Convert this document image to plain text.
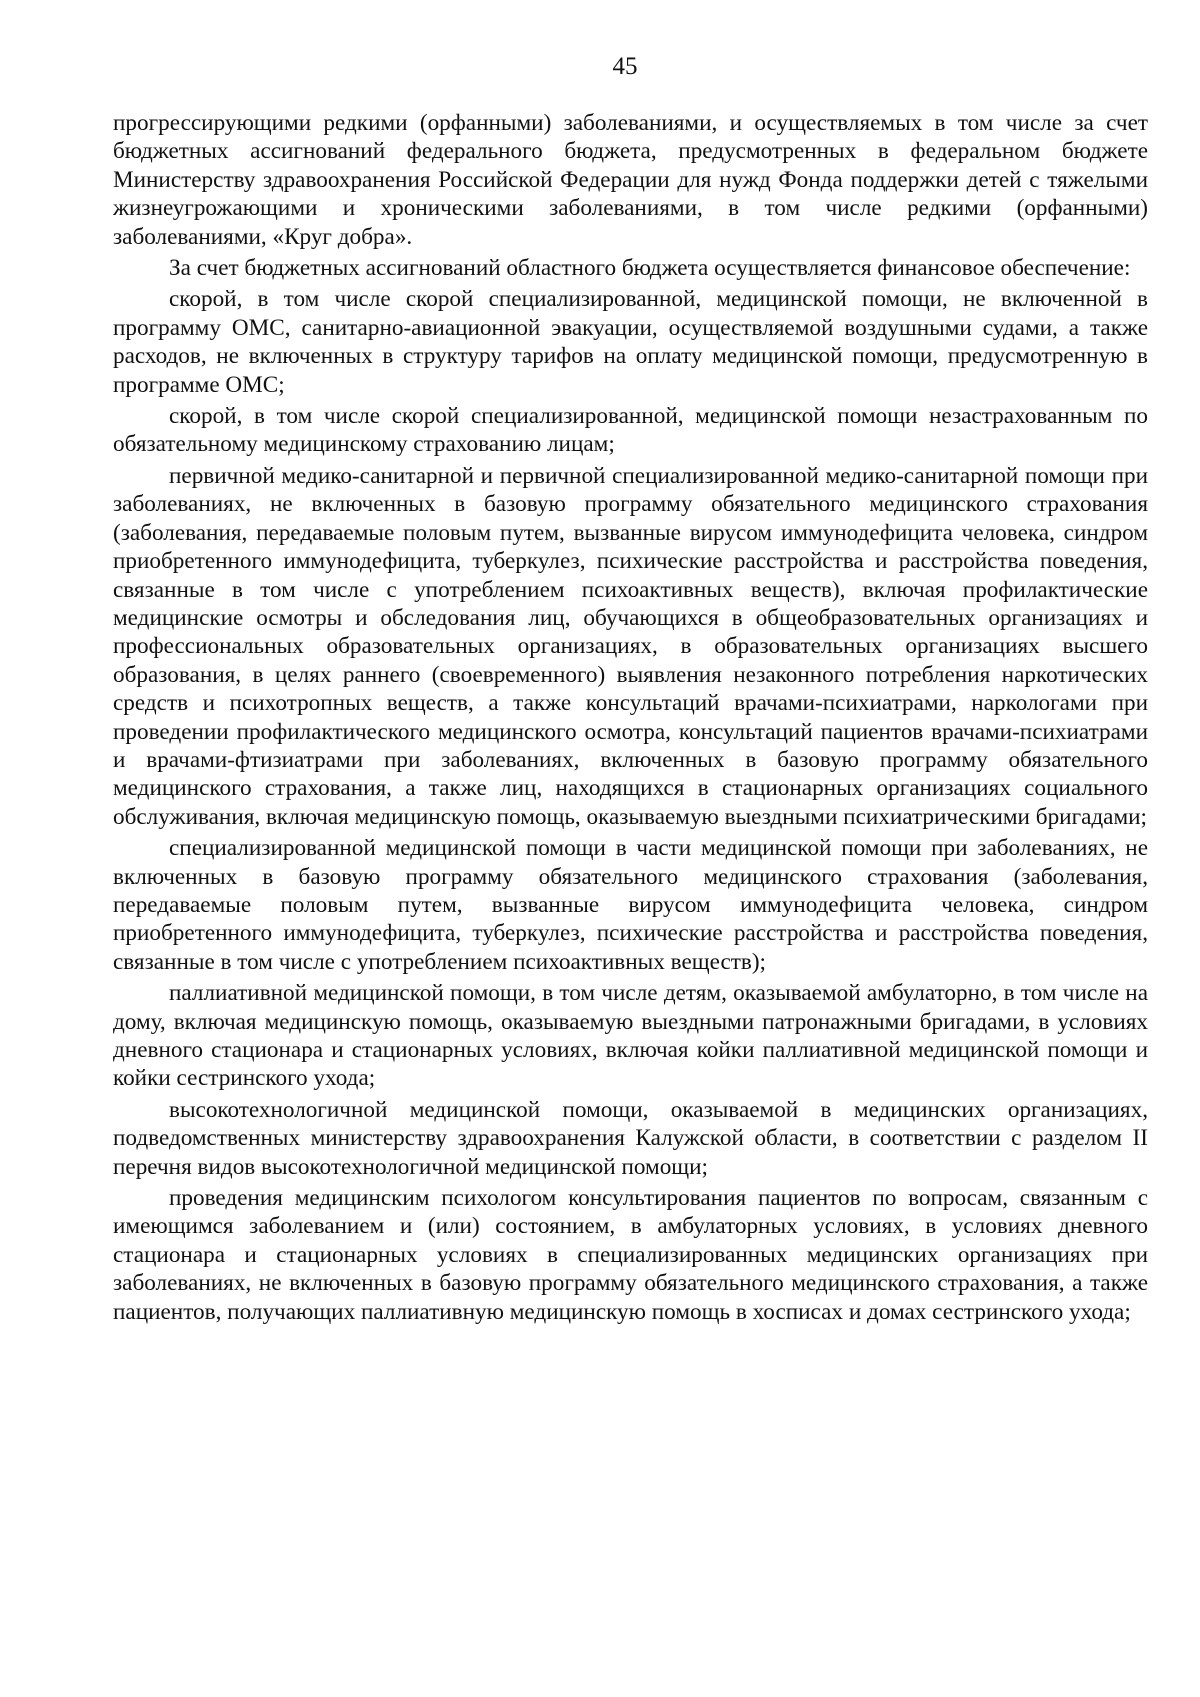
45

прогрессирующими редкими (орфанными) заболеваниями, и осуществляемых в том числе за счет бюджетных ассигнований федерального бюджета, предусмотренных в федеральном бюджете Министерству здравоохранения Российской Федерации для нужд Фонда поддержки детей с тяжелыми жизнеугрожающими и хроническими заболеваниями, в том числе редкими (орфанными) заболеваниями, «Круг добра».

За счет бюджетных ассигнований областного бюджета осуществляется финансовое обеспечение:

скорой, в том числе скорой специализированной, медицинской помощи, не включенной в программу ОМС, санитарно-авиационной эвакуации, осуществляемой воздушными судами, а также расходов, не включенных в структуру тарифов на оплату медицинской помощи, предусмотренную в программе ОМС;

скорой, в том числе скорой специализированной, медицинской помощи незастрахованным по обязательному медицинскому страхованию лицам;

первичной медико-санитарной и первичной специализированной медико-санитарной помощи при заболеваниях, не включенных в базовую программу обязательного медицинского страхования (заболевания, передаваемые половым путем, вызванные вирусом иммунодефицита человека, синдром приобретенного иммунодефицита, туберкулез, психические расстройства и расстройства поведения, связанные в том числе с употреблением психоактивных веществ), включая профилактические медицинские осмотры и обследования лиц, обучающихся в общеобразовательных организациях и профессиональных образовательных организациях, в образовательных организациях высшего образования, в целях раннего (своевременного) выявления незаконного потребления наркотических средств и психотропных веществ, а также консультаций врачами-психиатрами, наркологами при проведении профилактического медицинского осмотра, консультаций пациентов врачами-психиатрами и врачами-фтизиатрами при заболеваниях, включенных в базовую программу обязательного медицинского страхования, а также лиц, находящихся в стационарных организациях социального обслуживания, включая медицинскую помощь, оказываемую выездными психиатрическими бригадами;

специализированной медицинской помощи в части медицинской помощи при заболеваниях, не включенных в базовую программу обязательного медицинского страхования (заболевания, передаваемые половым путем, вызванные вирусом иммунодефицита человека, синдром приобретенного иммунодефицита, туберкулез, психические расстройства и расстройства поведения, связанные в том числе с употреблением психоактивных веществ);

паллиативной медицинской помощи, в том числе детям, оказываемой амбулаторно, в том числе на дому, включая медицинскую помощь, оказываемую выездными патронажными бригадами, в условиях дневного стационара и стационарных условиях, включая койки паллиативной медицинской помощи и койки сестринского ухода;

высокотехнологичной медицинской помощи, оказываемой в медицинских организациях, подведомственных министерству здравоохранения Калужской области, в соответствии с разделом II перечня видов высокотехнологичной медицинской помощи;

проведения медицинским психологом консультирования пациентов по вопросам, связанным с имеющимся заболеванием и (или) состоянием, в амбулаторных условиях, в условиях дневного стационара и стационарных условиях в специализированных медицинских организациях при заболеваниях, не включенных в базовую программу обязательного медицинского страхования, а также пациентов, получающих паллиативную медицинскую помощь в хосписах и домах сестринского ухода;
